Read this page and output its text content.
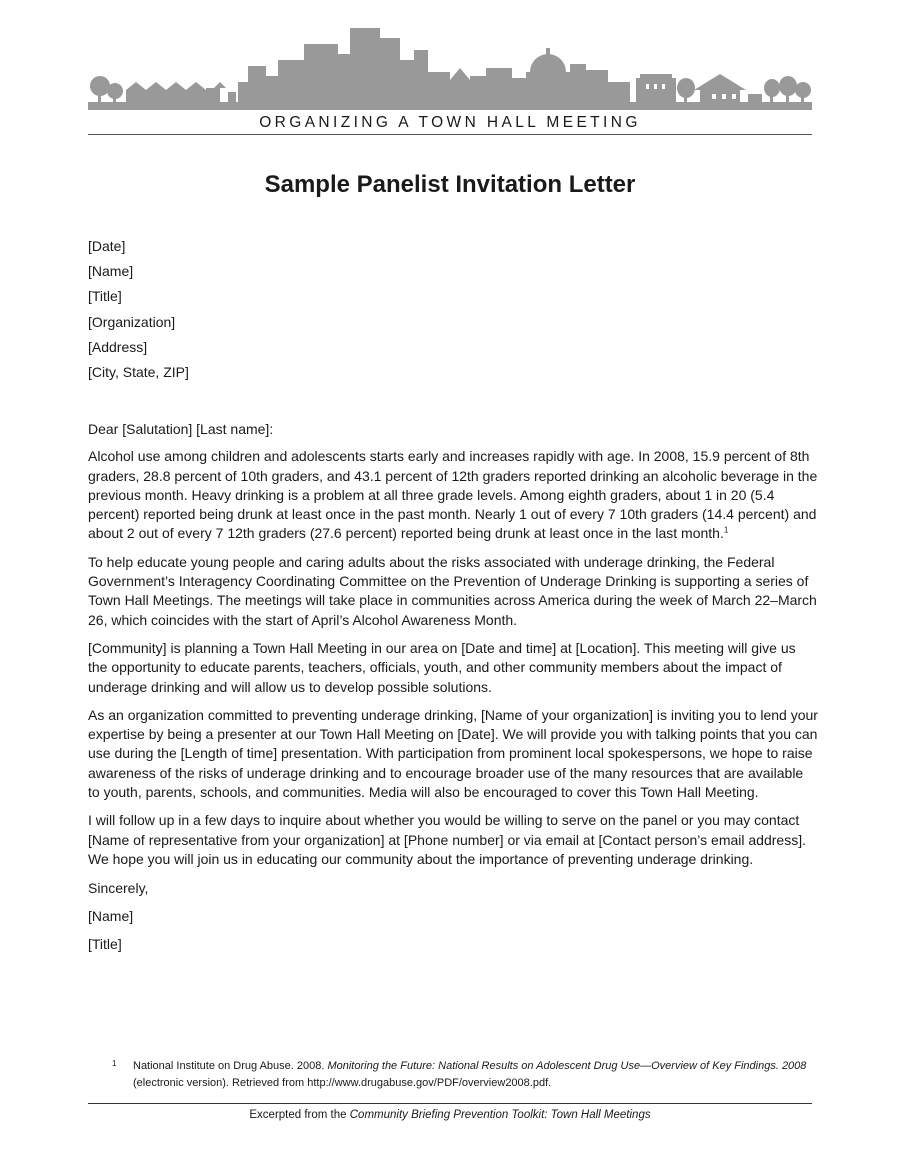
ORGANIZING A TOWN HALL MEETING
Sample Panelist Invitation Letter
[Date]
[Name]
[Title]
[Organization]
[Address]
[City, State, ZIP]

Dear [Salutation] [Last name]:

Alcohol use among children and adolescents starts early and increases rapidly with age. In 2008, 15.9 percent of 8th graders, 28.8 percent of 10th graders, and 43.1 percent of 12th graders reported drinking an alcoholic beverage in the previous month. Heavy drinking is a problem at all three grade levels. Among eighth graders, about 1 in 20 (5.4 percent) reported being drunk at least once in the past month. Nearly 1 out of every 7 10th graders (14.4 percent) and about 2 out of every 7 12th graders (27.6 percent) reported being drunk at least once in the last month.$^1$

To help educate young people and caring adults about the risks associated with underage drinking, the Federal Government’s Interagency Coordinating Committee on the Prevention of Underage Drinking is supporting a series of Town Hall Meetings. The meetings will take place in communities across America during the week of March 22–March 26, which coincides with the start of April’s Alcohol Awareness Month.

[Community] is planning a Town Hall Meeting in our area on [Date and time] at [Location]. This meeting will give us the opportunity to educate parents, teachers, officials, youth, and other community members about the impact of underage drinking and will allow us to develop possible solutions.

As an organization committed to preventing underage drinking, [Name of your organization] is inviting you to lend your expertise by being a presenter at our Town Hall Meeting on [Date]. We will provide you with talking points that you can use during the [Length of time] presentation. With participation from prominent local spokespersons, we hope to raise awareness of the risks of underage drinking and to encourage broader use of the many resources that are available to youth, parents, schools, and communities. Media will also be encouraged to cover this Town Hall Meeting.

I will follow up in a few days to inquire about whether you would be willing to serve on the panel or you may contact [Name of representative from your organization] at [Phone number] or via email at [Contact person’s email address]. We hope you will join us in educating our community about the importance of preventing underage drinking.

Sincerely,
[Name]
[Title]
1 National Institute on Drug Abuse. 2008. Monitoring the Future: National Results on Adolescent Drug Use—Overview of Key Findings. 2008 (electronic version). Retrieved from http://www.drugabuse.gov/PDF/overview2008.pdf.
Excerpted from the Community Briefing Prevention Toolkit: Town Hall Meetings
